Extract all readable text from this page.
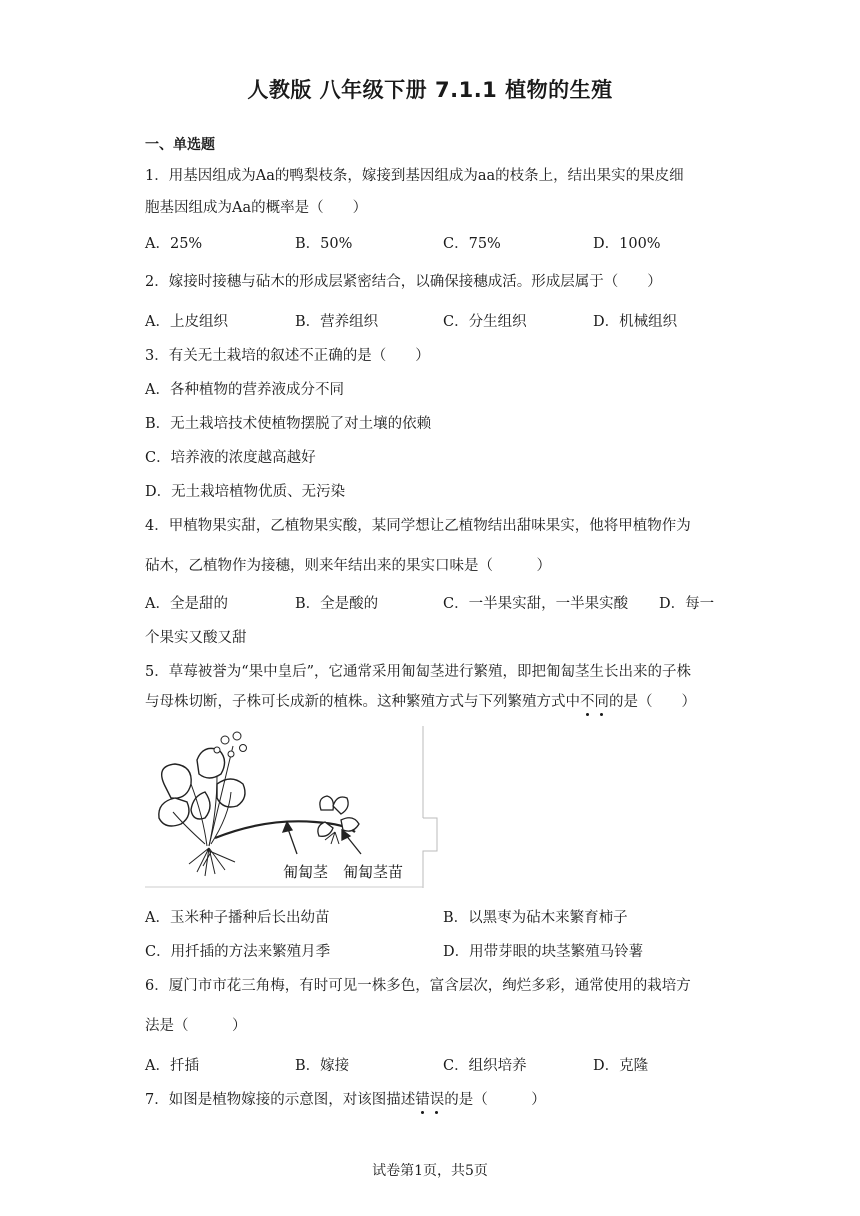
人教版 八年级下册 7.1.1 植物的生殖
一、单选题
1．用基因组成为Aa的鸭梨枝条，嫁接到基因组成为aa的枝条上，结出果实的果皮细
胞基因组成为Aa的概率是（　　）
A．25%	B．50%	C．75%	D．100%
2．嫁接时接穗与砧木的形成层紧密结合，以确保接穗成活。形成层属于（　　）
A．上皮组织	B．营养组织	C．分生组织	D．机械组织
3．有关无土栽培的叙述不正确的是（　　）
A．各种植物的营养液成分不同
B．无土栽培技术使植物摆脱了对土壤的依赖
C．培养液的浓度越高越好
D．无土栽培植物优质、无污染
4．甲植物果实甜，乙植物果实酸，某同学想让乙植物结出甜味果实，他将甲植物作为
砧木，乙植物作为接穗，则来年结出来的果实口味是（　　　）
A．全是甜的	B．全是酸的	C．一半果实甜，一半果实酸 D．每一
个果实又酸又甜
5．草莓被誉为“果中皇后”，它通常采用匍匐茎进行繁殖，即把匍匐茎生长出来的子株
与母株切断，子株可长成新的植株。这种繁殖方式与下列繁殖方式中不同的是（　　）
匍匐茎 匍匐茎苗
A．玉米种子播种后长出幼苗	B．以黑枣为砧木来繁育柿子
C．用扦插的方法来繁殖月季	D．用带芽眼的块茎繁殖马铃薯
6．厦门市市花三角梅，有时可见一株多色，富含层次，绚烂多彩，通常使用的栽培方
法是（　　　）
A．扦插	B．嫁接	C．组织培养	D．克隆
7．如图是植物嫁接的示意图，对该图描述错误的是（　　　）
试卷第1页，共5页
